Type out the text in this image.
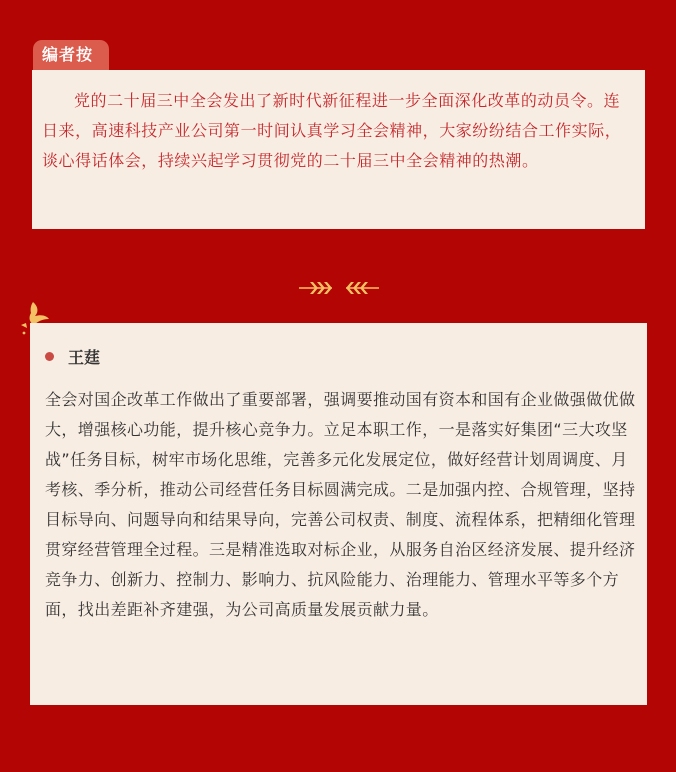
编者按

党的二十届三中全会发出了新时代新征程进一步全面深化改革的动员令。连日来，高速科技产业公司第一时间认真学习全会精神，大家纷纷结合工作实际，谈心得话体会，持续兴起学习贯彻党的二十届三中全会精神的热潮。

王莛

全会对国企改革工作做出了重要部署，强调要推动国有资本和国有企业做强做优做大，增强核心功能，提升核心竞争力。立足本职工作，一是落实好集团“三大攻坚战”任务目标，树牢市场化思维，完善多元化发展定位，做好经营计划周调度、月考核、季分析，推动公司经营任务目标圆满完成。二是加强内控、合规管理，坚持目标导向、问题导向和结果导向，完善公司权责、制度、流程体系，把精细化管理贯穿经营管理全过程。三是精准选取对标企业，从服务自治区经济发展、提升经济竞争力、创新力、控制力、影响力、抗风险能力、治理能力、管理水平等多个方面，找出差距补齐建强，为公司高质量发展贡献力量。
